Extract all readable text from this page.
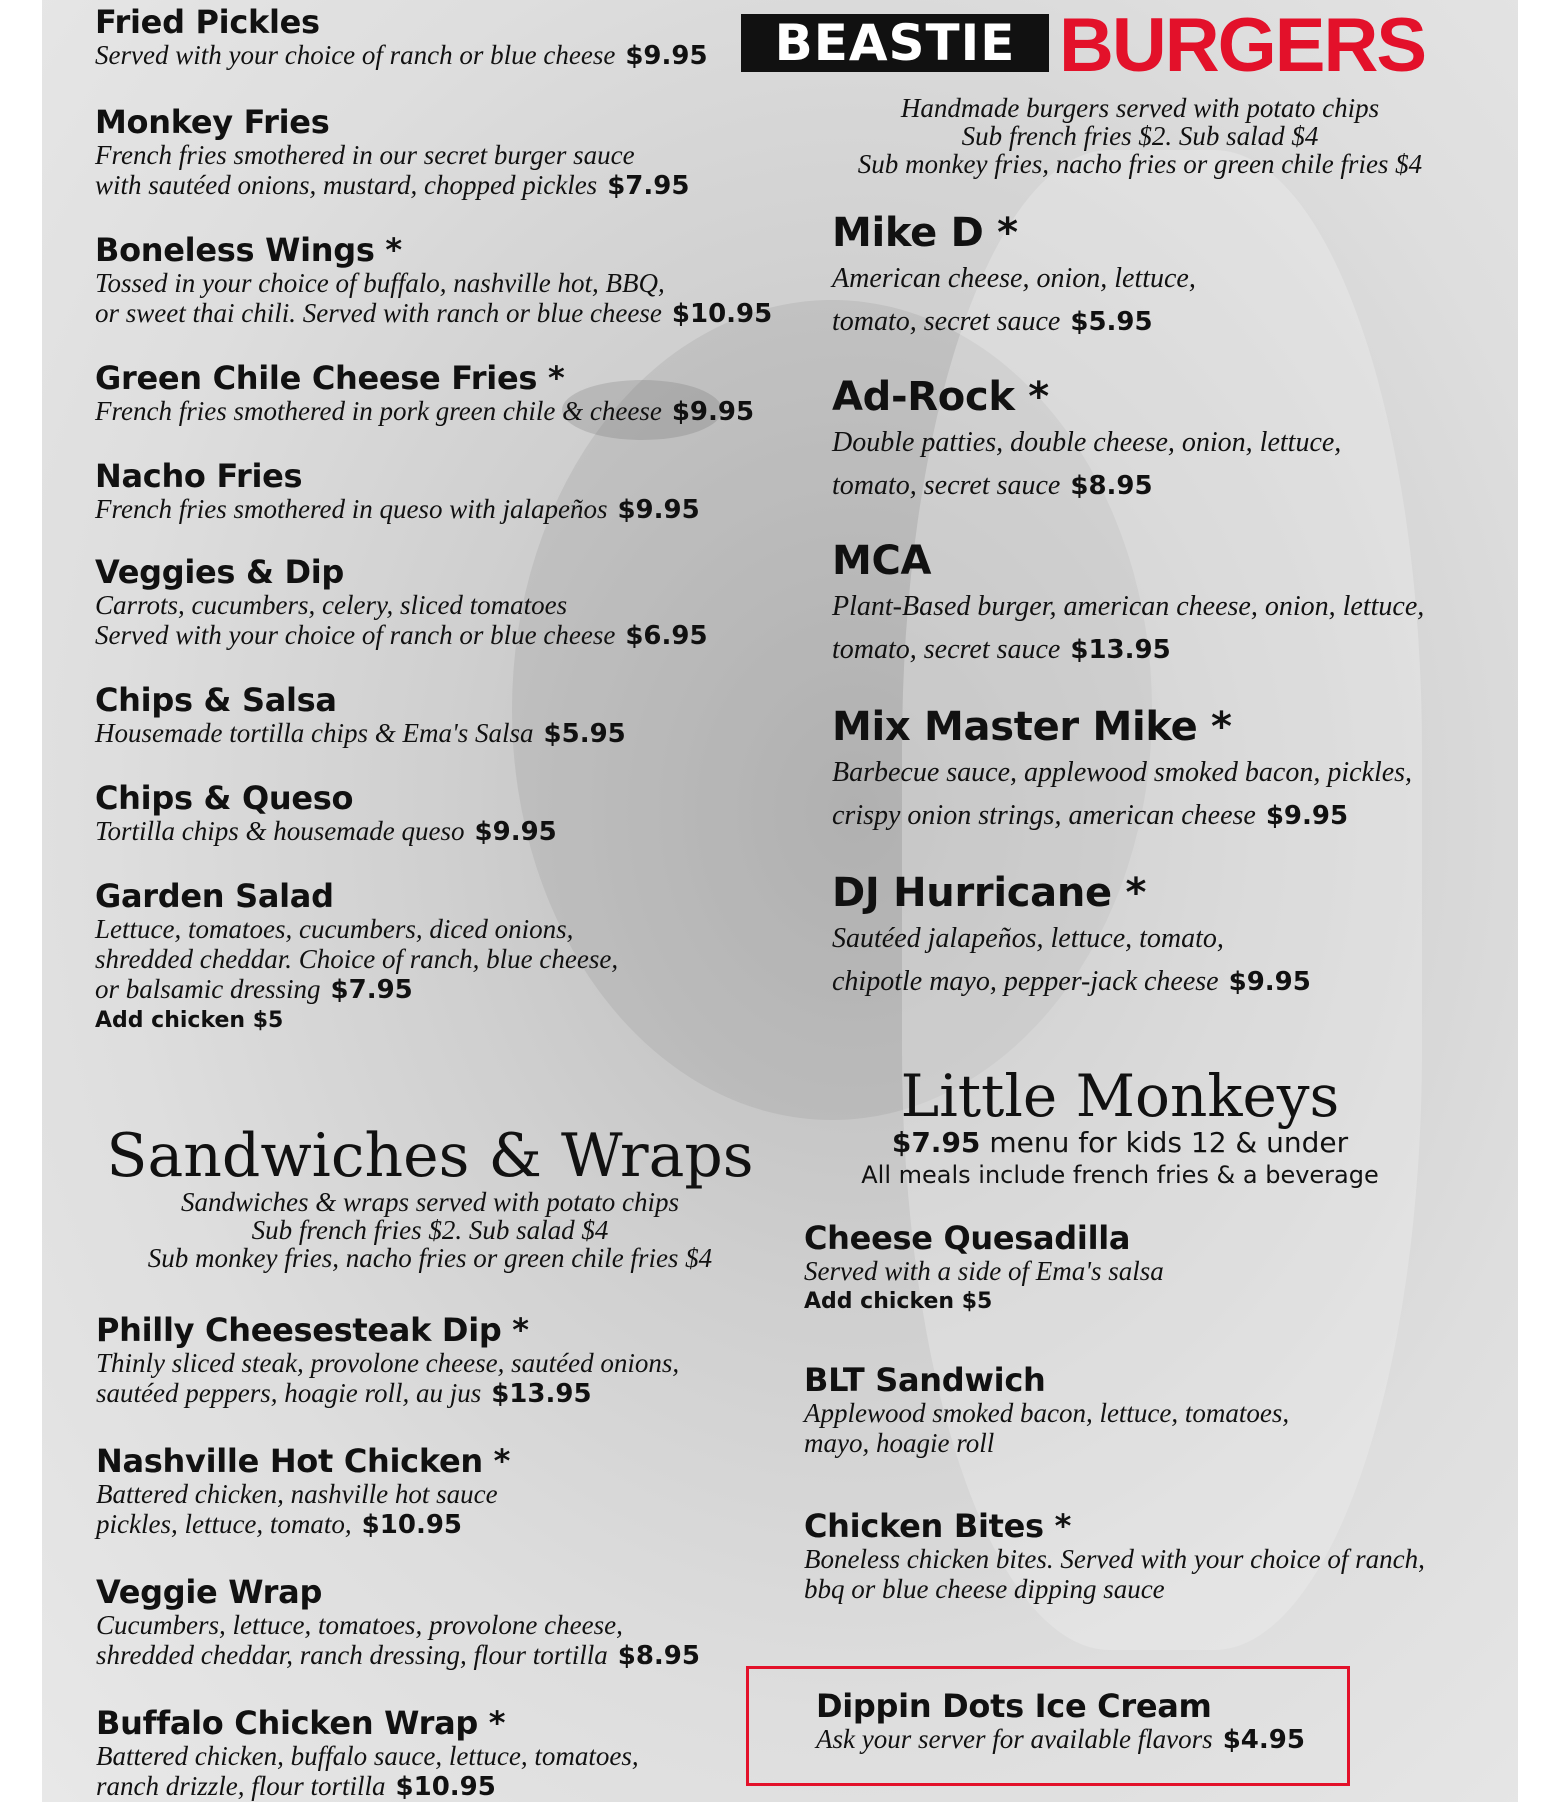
Fried Pickles
Served with your choice of ranch or blue cheese $9.95
Monkey Fries
French fries smothered in our secret burger sauce
with sautéed onions, mustard, chopped pickles $7.95
Boneless Wings *
Tossed in your choice of buffalo, nashville hot, BBQ,
or sweet thai chili. Served with ranch or blue cheese $10.95
Green Chile Cheese Fries *
French fries smothered in pork green chile & cheese $9.95
Nacho Fries
French fries smothered in queso with jalapeños $9.95
Veggies & Dip
Carrots, cucumbers, celery, sliced tomatoes
Served with your choice of ranch or blue cheese $6.95
Chips & Salsa
Housemade tortilla chips & Ema's Salsa $5.95
Chips & Queso
Tortilla chips & housemade queso $9.95
Garden Salad
Lettuce, tomatoes, cucumbers, diced onions,
shredded cheddar. Choice of ranch, blue cheese,
or balsamic dressing $7.95
Add chicken $5
Sandwiches & Wraps
Sandwiches & wraps served with potato chips
Sub french fries $2. Sub salad $4
Sub monkey fries, nacho fries or green chile fries $4
Philly Cheesesteak Dip *
Thinly sliced steak, provolone cheese, sautéed onions,
sautéed peppers, hoagie roll, au jus $13.95
Nashville Hot Chicken *
Battered chicken, nashville hot sauce
pickles, lettuce, tomato, $10.95
Veggie Wrap
Cucumbers, lettuce, tomatoes, provolone cheese,
shredded cheddar, ranch dressing, flour tortilla $8.95
Buffalo Chicken Wrap *
Battered chicken, buffalo sauce, lettuce, tomatoes,
ranch drizzle, flour tortilla $10.95
BEASTIE BURGERS
Handmade burgers served with potato chips
Sub french fries $2. Sub salad $4
Sub monkey fries, nacho fries or green chile fries $4
Mike D *
American cheese, onion, lettuce,
tomato, secret sauce $5.95
Ad-Rock *
Double patties, double cheese, onion, lettuce,
tomato, secret sauce $8.95
MCA
Plant-Based burger, american cheese, onion, lettuce,
tomato, secret sauce $13.95
Mix Master Mike *
Barbecue sauce, applewood smoked bacon, pickles,
crispy onion strings, american cheese $9.95
DJ Hurricane *
Sautéed jalapeños, lettuce, tomato,
chipotle mayo, pepper-jack cheese $9.95
Little Monkeys
$7.95 menu for kids 12 & under
All meals include french fries & a beverage
Cheese Quesadilla
Served with a side of Ema's salsa
Add chicken $5
BLT Sandwich
Applewood smoked bacon, lettuce, tomatoes,
mayo, hoagie roll
Chicken Bites *
Boneless chicken bites. Served with your choice of ranch,
bbq or blue cheese dipping sauce
Dippin Dots Ice Cream
Ask your server for available flavors $4.95
